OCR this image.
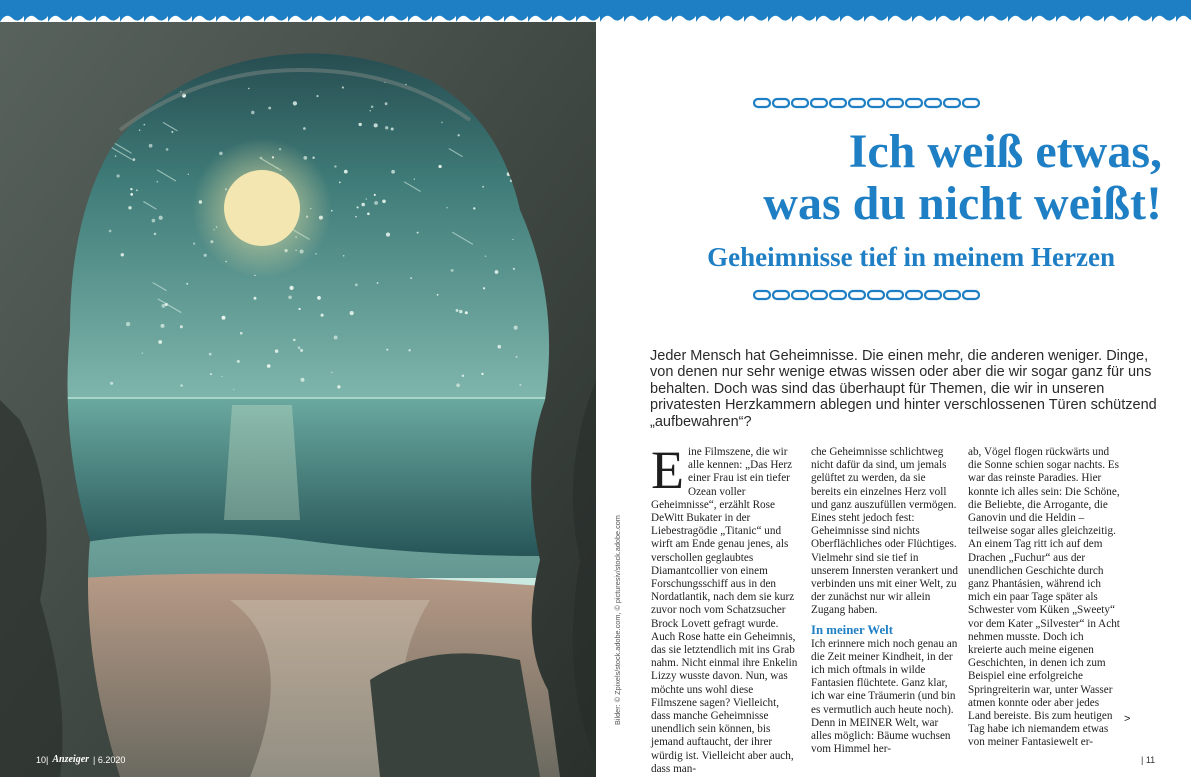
10| Anzeiger | 6.2020
Ich weiß etwas,
was du nicht weißt!
Geheimnisse tief in meinem Herzen
Jeder Mensch hat Geheimnisse. Die einen mehr, die anderen weniger. Dinge, von denen nur sehr wenige etwas wissen oder aber die wir sogar ganz für uns behalten. Doch was sind das überhaupt für Themen, die wir in unseren privatesten Herzkammern ablegen und hinter verschlossenen Türen schützend „aufbewahren“?
Bilder: © Zpixels/stock.adobe.com, © picturesiv/stock.adobe.com
E ine Filmszene, die wir alle kennen: „Das Herz einer Frau ist ein tiefer Ozean voller Geheimnisse“, erzählt Rose DeWitt Bukater in der Liebestragödie „Titanic“ und wirft am Ende genau jenes, als verschollen geglaubtes Diamantcollier von einem Forschungsschiff aus in den Nordatlantik, nach dem sie kurz zuvor noch vom Schatzsucher Brock Lovett gefragt wurde. Auch Rose hatte ein Geheimnis, das sie letztendlich mit ins Grab nahm. Nicht einmal ihre Enkelin Lizzy wusste davon. Nun, was möchte uns wohl diese Filmszene sagen? Vielleicht, dass manche Geheimnisse unendlich sein können, bis jemand auftaucht, der ihrer würdig ist. Vielleicht aber auch, dass man-

che Geheimnisse schlichtweg nicht dafür da sind, um jemals gelüftet zu werden, da sie bereits ein einzelnes Herz voll und ganz auszufüllen vermögen. Eines steht jedoch fest: Geheimnisse sind nichts Oberflächliches oder Flüchtiges. Vielmehr sind sie tief in unserem Innersten verankert und verbinden uns mit einer Welt, zu der zunächst nur wir allein Zugang haben.

In meiner Welt

Ich erinnere mich noch genau an die Zeit meiner Kindheit, in der ich mich oftmals in wilde Fantasien flüchtete. Ganz klar, ich war eine Träumerin (und bin es vermutlich auch heute noch). Denn in MEINER Welt, war alles möglich: Bäume wuchsen vom Himmel her-

ab, Vögel flogen rückwärts und die Sonne schien sogar nachts. Es war das reinste Paradies. Hier konnte ich alles sein: Die Schöne, die Beliebte, die Arrogante, die Ganovin und die Heldin – teilweise sogar alles gleichzeitig. An einem Tag ritt ich auf dem Drachen „Fuchur“ aus der unendlichen Geschichte durch ganz Phantásien, während ich mich ein paar Tage später als Schwester vom Küken „Sweety“ vor dem Kater „Silvester“ in Acht nehmen musste. Doch ich kreierte auch meine eigenen Geschichten, in denen ich zum Beispiel eine erfolgreiche Springreiterin war, unter Wasser atmen konnte oder aber jedes Land bereiste. Bis zum heutigen Tag habe ich niemandem etwas von meiner Fantasiewelt er-

>
| 11
